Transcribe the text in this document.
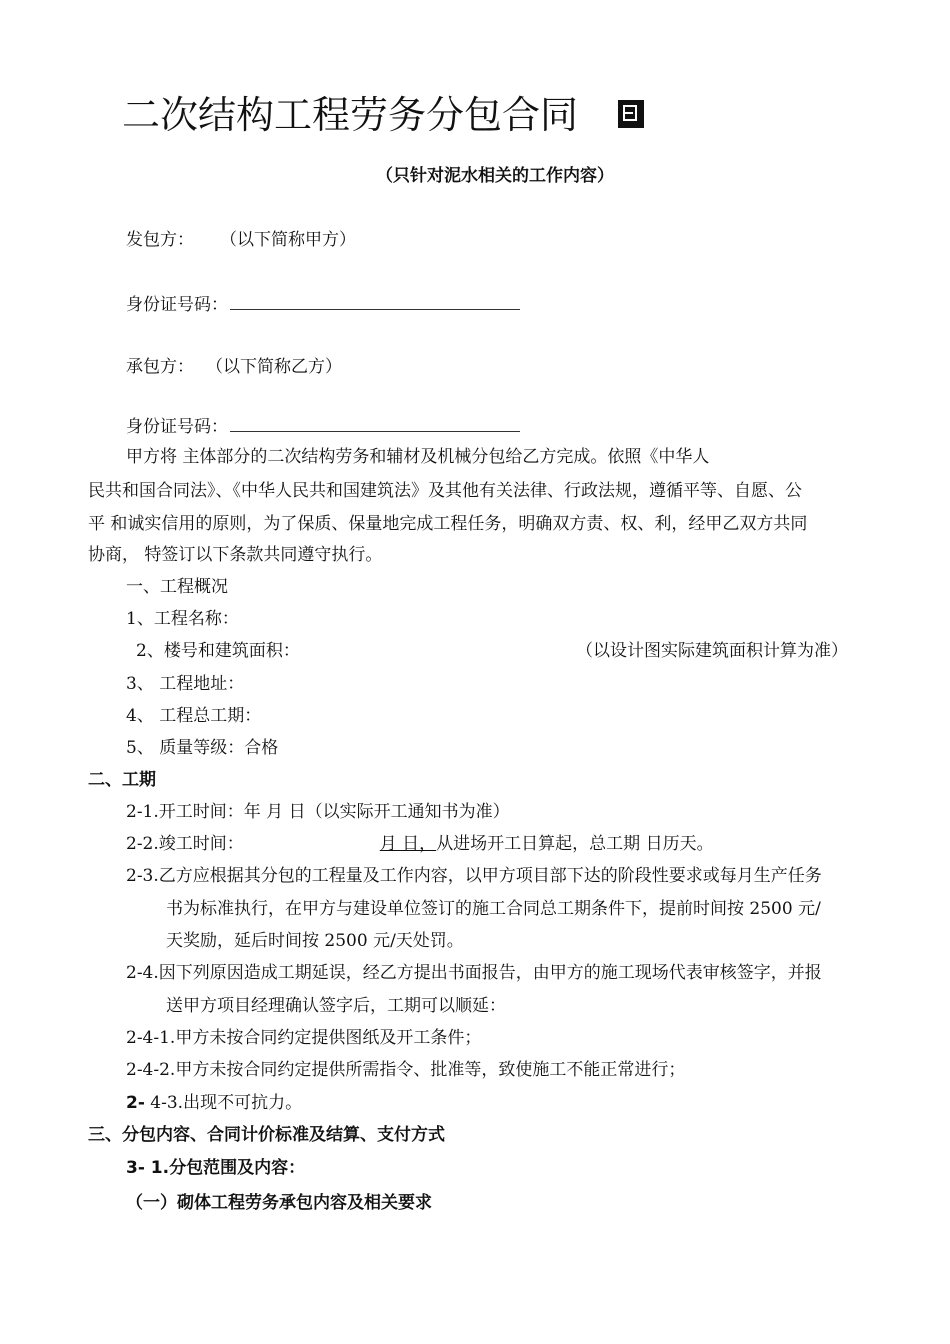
二次结构工程劳务分包合同
（只针对泥水相关的工作内容）
发包方： （以下简称甲方）
身份证号码：
承包方： （以下简称乙方）
身份证号码：
甲方将 主体部分的二次结构劳务和辅材及机械分包给乙方完成。依照《中华人
民共和国合同法》、《中华人民共和国建筑法》及其他有关法律、行政法规，遵循平等、自愿、公
平 和诚实信用的原则，为了保质、保量地完成工程任务，明确双方责、权、利，经甲乙双方共同
协商， 特签订以下条款共同遵守执行。
一、工程概况
1、工程名称：
2、楼号和建筑面积：	（以设计图实际建筑面积计算为准）
3、 工程地址：
4、 工程总工期：
5、 质量等级：合格
二、工期
2-1.开工时间：年 月 日（以实际开工通知书为准）
2-2.竣工时间：	月 日，从进场开工日算起，总工期 日历天。
2-3.乙方应根据其分包的工程量及工作内容，以甲方项目部下达的阶段性要求或每月生产任务
书为标准执行，在甲方与建设单位签订的施工合同总工期条件下，提前时间按 2500 元/
天奖励，延后时间按 2500 元/天处罚。
2-4.因下列原因造成工期延误，经乙方提出书面报告，由甲方的施工现场代表审核签字，并报
送甲方项目经理确认签字后，工期可以顺延：
2-4-1.甲方未按合同约定提供图纸及开工条件；
2-4-2.甲方未按合同约定提供所需指令、批准等，致使施工不能正常进行；
2- 4-3.出现不可抗力。
三、分包内容、合同计价标准及结算、支付方式
3- 1.分包范围及内容：
（一）砌体工程劳务承包内容及相关要求
